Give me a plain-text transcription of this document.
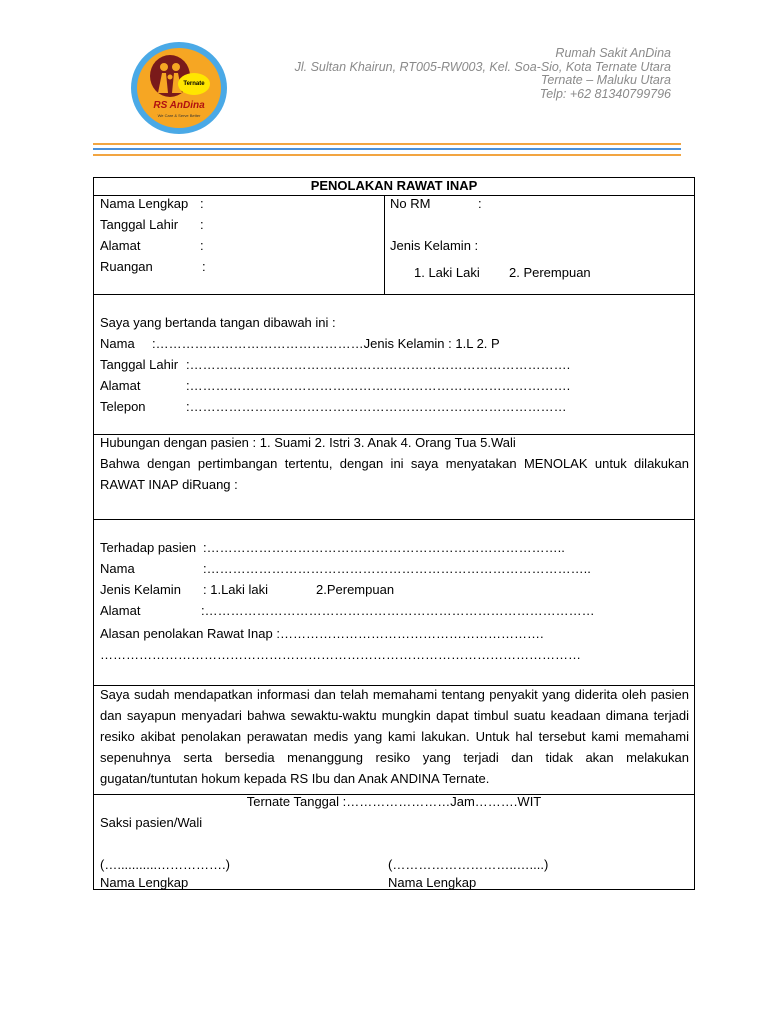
Ternate
RS AnDina
We Care & Serve Better
Rumah Sakit AnDina
Jl. Sultan Khairun, RT005-RW003, Kel. Soa-Sio, Kota Ternate Utara
Ternate – Maluku Utara
Telp: +62 81340799796
PENOLAKAN RAWAT INAP
Nama Lengkap :
Tanggal Lahir :
Alamat	:
Ruangan	:
No RM	:
Jenis Kelamin :
1. Laki Laki 2. Perempuan
Saya yang bertanda tangan dibawah ini :
Nama :…………………………………………Jenis Kelamin : 1.L 2. P
Tanggal Lahir :…………………………………………………………………………….
Alamat	:…………………………………………………………………………….
Telepon	:……………………………………………………………………………
Hubungan dengan pasien : 1. Suami 2. Istri 3. Anak 4. Orang Tua 5.Wali
Bahwa dengan pertimbangan tertentu, dengan ini saya menyatakan MENOLAK untuk dilakukan RAWAT INAP diRuang :
Terhadap pasien :………………………………………………………………………..
Nama	:……………………………………………………………………………..
Jenis Kelamin : 1.Laki laki	2.Perempuan
Alamat	:………………………………………………………………………………
Alasan penolakan Rawat Inap :…………………………………………………….
…………………………………………………………………………………………………
Saya sudah mendapatkan informasi dan telah memahami tentang penyakit yang diderita oleh pasien dan sayapun menyadari bahwa sewaktu-waktu mungkin dapat timbul suatu keadaan dimana terjadi resiko akibat penolakan perawatan medis yang kami lakukan. Untuk hal tersebut kami memahami sepenuhnya serta bersedia menanggung resiko yang terjadi dan tidak akan melakukan gugatan/tuntutan hokum kepada RS Ibu dan Anak ANDINA Ternate.
Ternate Tanggal :……………………Jam……….WIT
Saksi pasien/Wali
(…...........…………….)	(………………………..…....)
Nama Lengkap	Nama Lengkap
